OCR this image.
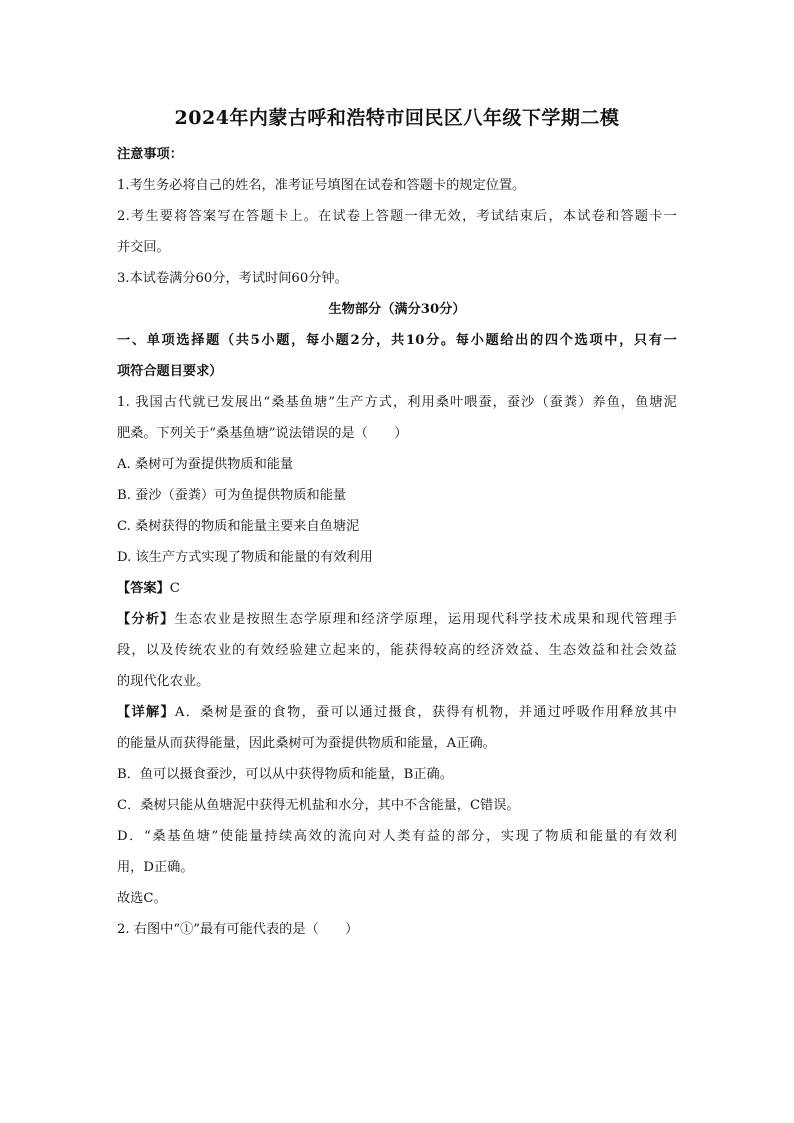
2024年内蒙古呼和浩特市回民区八年级下学期二模
注意事项：
1.考生务必将自己的姓名，准考证号填图在试卷和答题卡的规定位置。
2.考生要将答案写在答题卡上。在试卷上答题一律无效，考试结束后，本试卷和答题卡一
并交回。
3.本试卷满分60分，考试时间60分钟。
生物部分（满分30分）
一、单项选择题（共5小题，每小题2分，共10分。每小题给出的四个选项中，只有一
项符合题目要求）
1. 我国古代就已发展出“桑基鱼塘”生产方式，利用桑叶喂蚕，蚕沙（蚕粪）养鱼，鱼塘泥
肥桑。下列关于“桑基鱼塘”说法错误的是（　　）
A. 桑树可为蚕提供物质和能量
B. 蚕沙（蚕粪）可为鱼提供物质和能量
C. 桑树获得的物质和能量主要来自鱼塘泥
D. 该生产方式实现了物质和能量的有效利用
【答案】C
【分析】生态农业是按照生态学原理和经济学原理，运用现代科学技术成果和现代管理手
段，以及传统农业的有效经验建立起来的，能获得较高的经济效益、生态效益和社会效益
的现代化农业。
【详解】A．桑树是蚕的食物，蚕可以通过摄食，获得有机物，并通过呼吸作用释放其中
的能量从而获得能量，因此桑树可为蚕提供物质和能量，A正确。
B．鱼可以摄食蚕沙，可以从中获得物质和能量，B正确。
C．桑树只能从鱼塘泥中获得无机盐和水分，其中不含能量，C错误。
D．“桑基鱼塘”使能量持续高效的流向对人类有益的部分，实现了物质和能量的有效利
用，D正确。
故选C。
2. 右图中“①”最有可能代表的是（　　）
